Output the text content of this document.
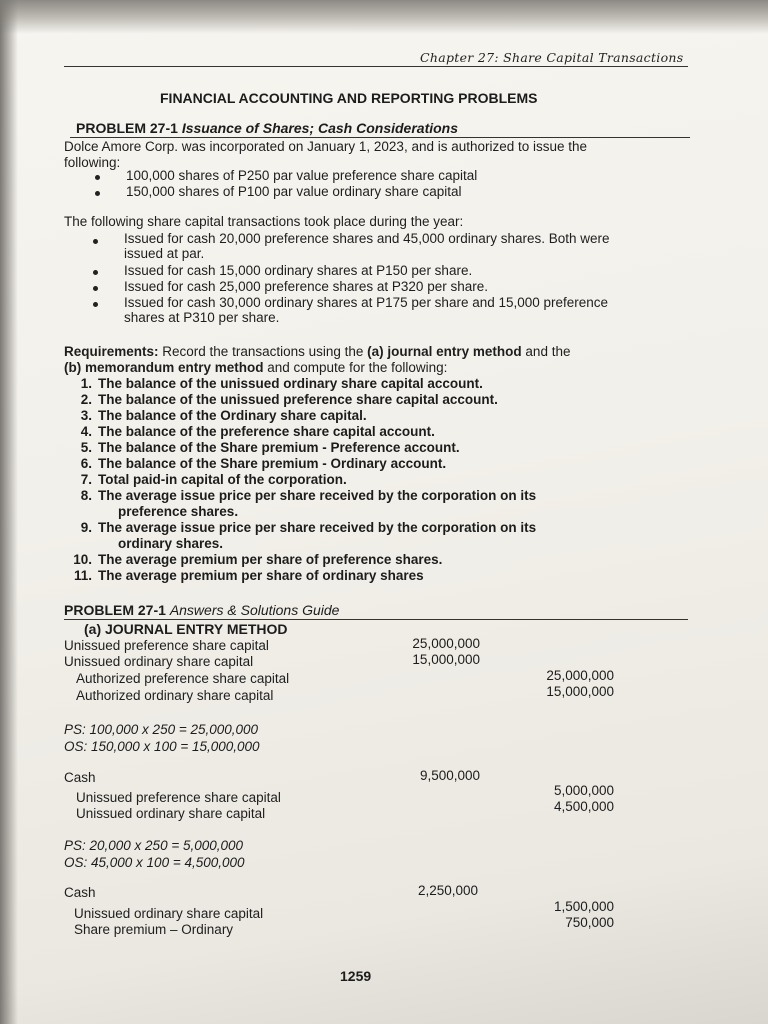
Chapter 27: Share Capital Transactions
FINANCIAL ACCOUNTING AND REPORTING PROBLEMS
PROBLEM 27-1 Issuance of Shares; Cash Considerations
Dolce Amore Corp. was incorporated on January 1, 2023, and is authorized to issue the
following:
100,000 shares of P250 par value preference share capital
150,000 shares of P100 par value ordinary share capital
The following share capital transactions took place during the year:
Issued for cash 20,000 preference shares and 45,000 ordinary shares. Both were
issued at par.
Issued for cash 15,000 ordinary shares at P150 per share.
Issued for cash 25,000 preference shares at P320 per share.
Issued for cash 30,000 ordinary shares at P175 per share and 15,000 preference
shares at P310 per share.
Requirements: Record the transactions using the (a) journal entry method and the
(b) memorandum entry method and compute for the following:
1. The balance of the unissued ordinary share capital account.
2. The balance of the unissued preference share capital account.
3. The balance of the Ordinary share capital.
4. The balance of the preference share capital account.
5. The balance of the Share premium - Preference account.
6. The balance of the Share premium - Ordinary account.
7. Total paid-in capital of the corporation.
8. The average issue price per share received by the corporation on its
preference shares.
9. The average issue price per share received by the corporation on its
ordinary shares.
10. The average premium per share of preference shares.
11. The average premium per share of ordinary shares
PROBLEM 27-1 Answers & Solutions Guide
(a) JOURNAL ENTRY METHOD
Unissued preference share capital	25,000,000
Unissued ordinary share capital	15,000,000
Authorized preference share capital	25,000,000
Authorized ordinary share capital	15,000,000
PS: 100,000 x 250 = 25,000,000
OS: 150,000 x 100 = 15,000,000
Cash	9,500,000
Unissued preference share capital	5,000,000
Unissued ordinary share capital	4,500,000
PS: 20,000 x 250 = 5,000,000
OS: 45,000 x 100 = 4,500,000
Cash	2,250,000
Unissued ordinary share capital	1,500,000
Share premium – Ordinary	750,000
1259
